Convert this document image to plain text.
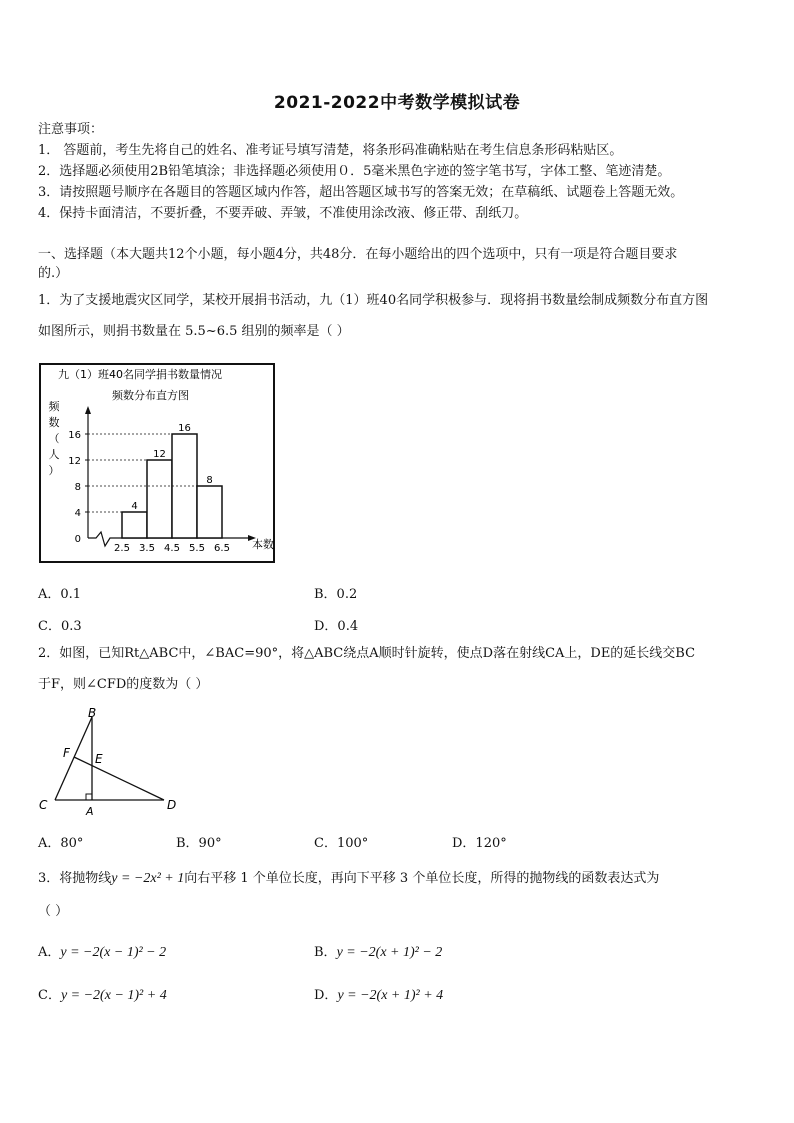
2021-2022中考数学模拟试卷
注意事项：
1． 答题前，考生先将自己的姓名、准考证号填写清楚，将条形码准确粘贴在考生信息条形码粘贴区。
2．选择题必须使用2B铅笔填涂；非选择题必须使用０．5毫米黑色字迹的签字笔书写，字体工整、笔迹清楚。
3．请按照题号顺序在各题目的答题区域内作答，超出答题区域书写的答案无效；在草稿纸、试题卷上答题无效。
4．保持卡面清洁，不要折叠，不要弄破、弄皱，不准使用涂改液、修正带、刮纸刀。
一、选择题（本大题共12个小题，每小题4分，共48分．在每小题给出的四个选项中，只有一项是符合题目要求
的.）
1．为了支援地震灾区同学，某校开展捐书活动，九（1）班40名同学积极参与．现将捐书数量绘制成频数分布直方图
如图所示，则捐书数量在 5.5~6.5 组别的频率是（ ）
九（1）班40名同学捐书数量情况
频数分布直方图
频
数
（
人
）
本数
0
4
8
12
16
2.5 3.5 4.5 5.5 6.5
4
12
16
8
A．0.1	B．0.2
C．0.3	D．0.4
2．如图，已知Rt△ABC中，∠BAC=90°，将△ABC绕点A顺时针旋转，使点D落在射线CA上，DE的延长线交BC
于F，则∠CFD的度数为（ ）
B
F E
C	A	D
A．80°	B．90°	C．100°	D．120°
3．将抛物线y = −2x² + 1向右平移 1 个单位长度，再向下平移 3 个单位长度，所得的抛物线的函数表达式为
（ ）
A．y = −2(x − 1)² − 2	B．y = −2(x + 1)² − 2
C．y = −2(x − 1)² + 4	D．y = −2(x + 1)² + 4
